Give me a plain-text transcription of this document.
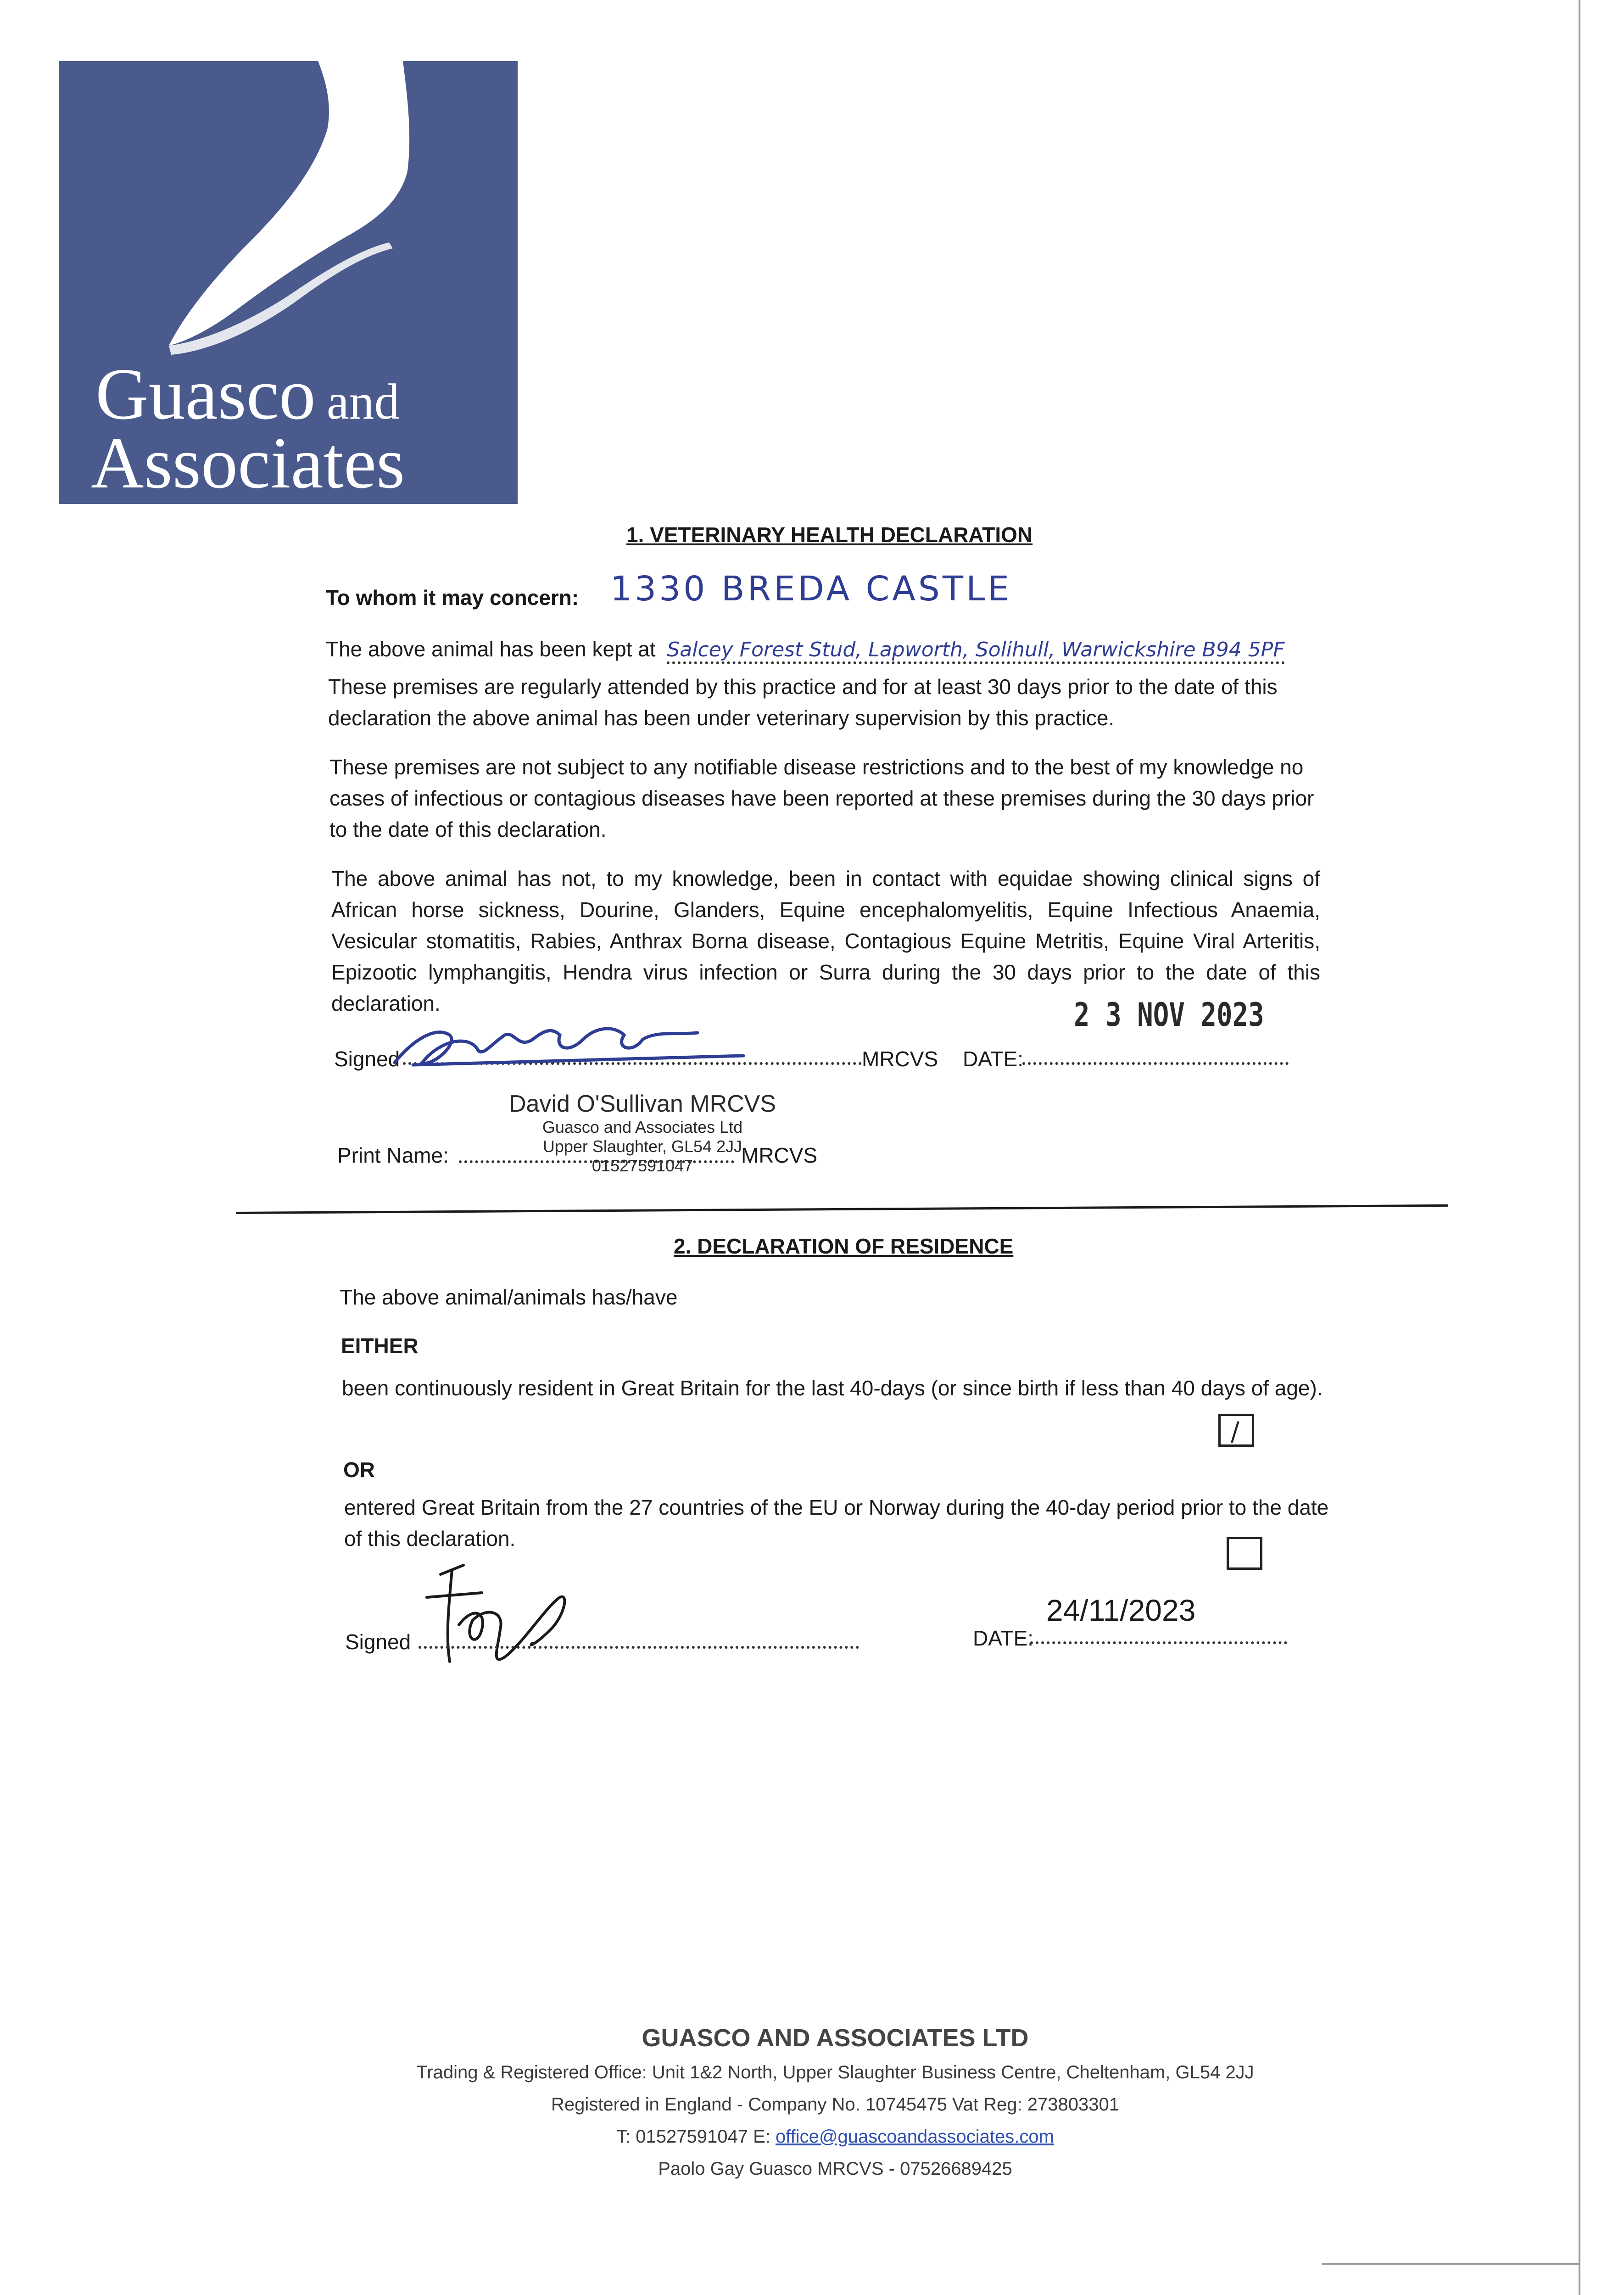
Guasco and
Associates
1. VETERINARY HEALTH DECLARATION
To whom it may concern: 1330 BREDA CASTLE
The above animal has been kept at Salcey Forest Stud, Lapworth, Solihull, Warwickshire B94 5PF
These premises are regularly attended by this practice and for at least 30 days prior to the date of this declaration the above animal has been under veterinary supervision by this practice.
These premises are not subject to any notifiable disease restrictions and to the best of my knowledge no cases of infectious or contagious diseases have been reported at these premises during the 30 days prior to the date of this declaration.
The above animal has not, to my knowledge, been in contact with equidae showing clinical signs of African horse sickness, Dourine, Glanders, Equine encephalomyelitis, Equine Infectious Anaemia, Vesicular stomatitis, Rabies, Anthrax Borna disease, Contagious Equine Metritis, Equine Viral Arteritis, Epizootic lymphangitis, Hendra virus infection or Surra during the 30 days prior to the date of this declaration.	2 3 NOV 2023
Signed	MRCVS DATE:
David O'Sullivan MRCVS
Guasco and Associates Ltd
Upper Slaughter, GL54 2JJ
01527591047
Print Name:	MRCVS
2. DECLARATION OF RESIDENCE
The above animal/animals has/have
EITHER
been continuously resident in Great Britain for the last 40-days (or since birth if less than 40 days of age).
/
OR
entered Great Britain from the 27 countries of the EU or Norway during the 40-day period prior to the date of this declaration.
Signed	DATE:
24/11/2023
GUASCO AND ASSOCIATES LTD
Trading & Registered Office: Unit 1&2 North, Upper Slaughter Business Centre, Cheltenham, GL54 2JJ
Registered in England - Company No. 10745475 Vat Reg: 273803301
T: 01527591047 E: office@guascoandassociates.com
Paolo Gay Guasco MRCVS - 07526689425
